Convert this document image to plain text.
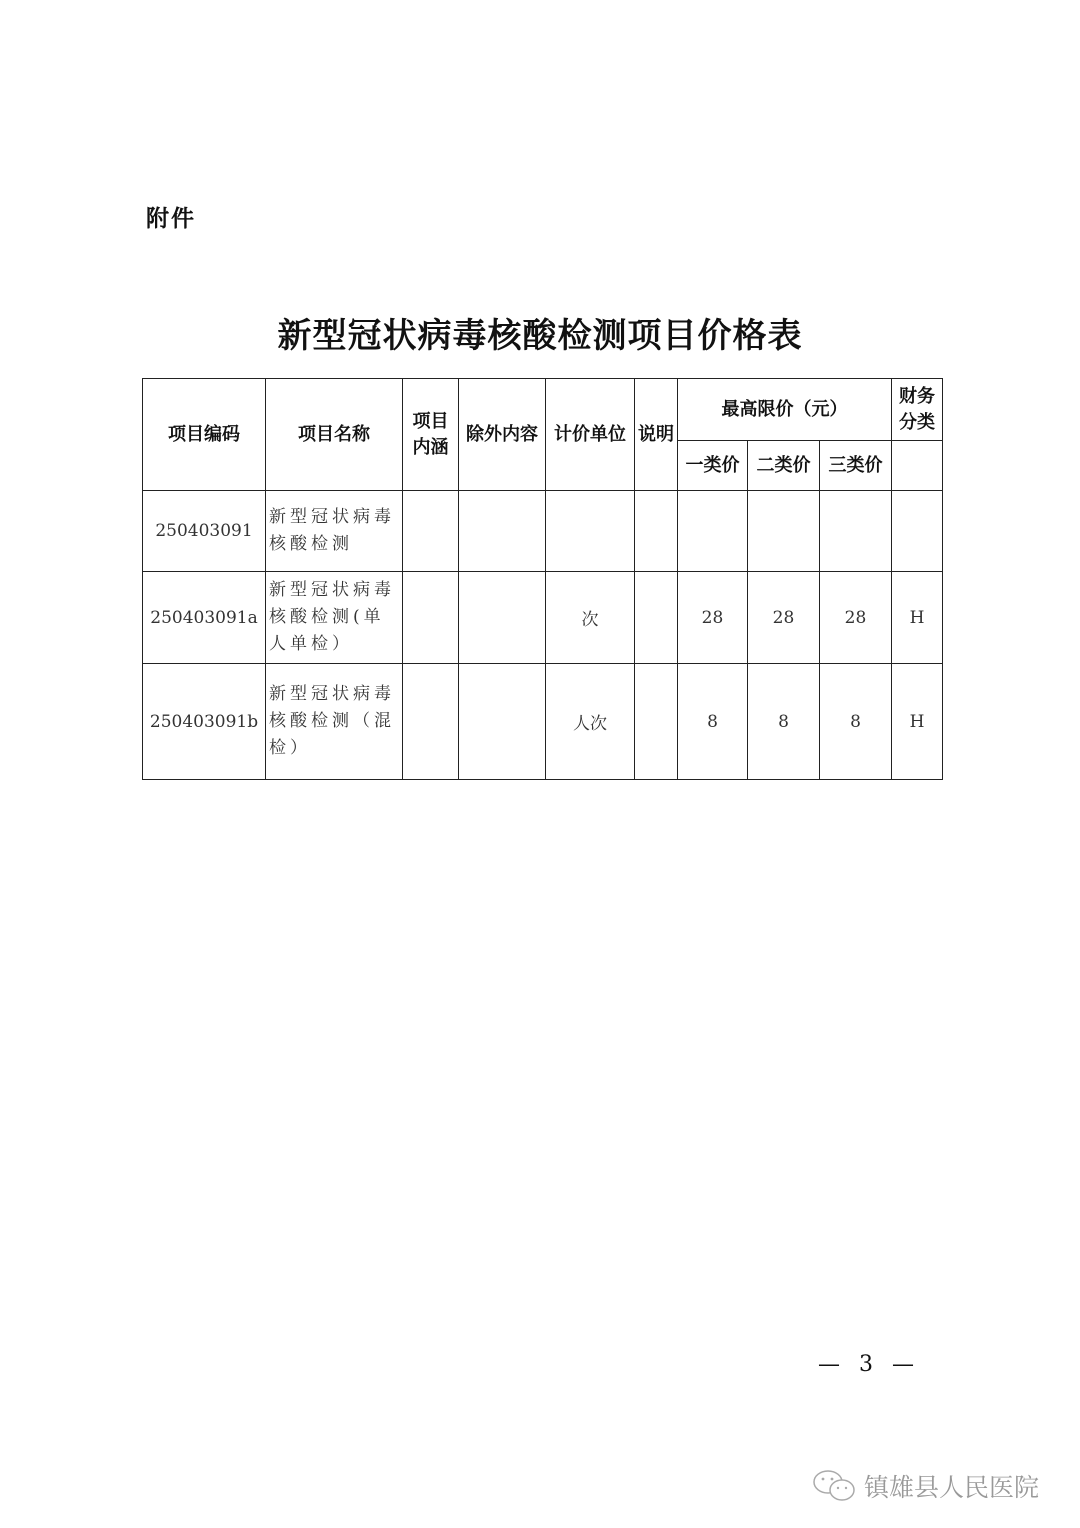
附件
新型冠状病毒核酸检测项目价格表
项目编码	项目名称	项目内涵	除外内容	计价单位	说明	最高限价（元）			财务分类

						一类价	二类价	三类价	
250403091	新型冠状病毒核酸检测								
250403091a	新型冠状病毒核酸检测(单人单检）			次		28	28	28	H
250403091b	新型冠状病毒核酸检测（混检）			人次		8	8	8	H
— 3 —
镇雄县人民医院
